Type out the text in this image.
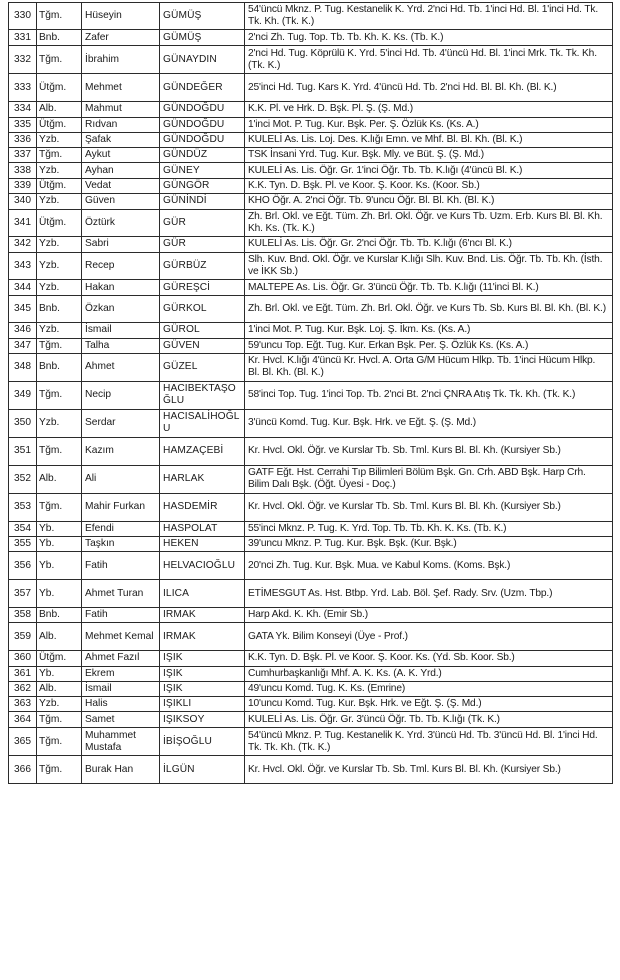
330	Tğm.	Hüseyin	GÜMÜŞ	54'üncü Mknz. P. Tug. Kestanelik K. Yrd. 2'nci Hd. Tb. 1'inci Hd. Bl. 1'inci Hd. Tk. Tk. Kh. (Tk. K.)
331	Bnb.	Zafer	GÜMÜŞ	2'nci Zh. Tug. Top. Tb. Tb. Kh. K. Ks. (Tb. K.)
332	Tğm.	İbrahim	GÜNAYDIN	2'nci Hd. Tug. Köprülü K. Yrd. 5'inci Hd. Tb. 4'üncü Hd. Bl. 1'inci Mrk. Tk. Tk. Kh. (Tk. K.)
333	Ütğm.	Mehmet	GÜNDEĞER	25'inci Hd. Tug. Kars K. Yrd. 4'üncü Hd. Tb. 2'nci Hd. Bl. Bl. Kh. (Bl. K.)
334	Alb.	Mahmut	GÜNDOĞDU	K.K. Pl. ve Hrk. D. Bşk. Pl. Ş. (Ş. Md.)
335	Ütğm.	Rıdvan	GÜNDOĞDU	1'inci Mot. P. Tug. Kur. Bşk. Per. Ş. Özlük Ks. (Ks. A.)
336	Yzb.	Şafak	GÜNDOĞDU	KULELİ As. Lis. Loj. Des. K.lığı Emn. ve Mhf. Bl. Bl. Kh. (Bl. K.)
337	Tğm.	Aykut	GÜNDÜZ	TSK İnsani Yrd. Tug. Kur. Bşk. Mly. ve Büt. Ş. (Ş. Md.)
338	Yzb.	Ayhan	GÜNEY	KULELİ As. Lis. Öğr. Gr. 1'inci Öğr. Tb. Tb. K.lığı (4'üncü Bl. K.)
339	Ütğm.	Vedat	GÜNGÖR	K.K. Tyn. D. Bşk. Pl. ve Koor. Ş. Koor. Ks. (Koor. Sb.)
340	Yzb.	Güven	GÜNİNDİ	KHO Öğr. A. 2'nci Öğr. Tb. 9'uncu Öğr. Bl. Bl. Kh. (Bl. K.)
341	Ütğm.	Öztürk	GÜR	Zh. Brl. Okl. ve Eğt. Tüm. Zh. Brl. Okl. Öğr. ve Kurs Tb. Uzm. Erb. Kurs Bl. Bl. Kh. Kh. Ks. (Tk. K.)
342	Yzb.	Sabri	GÜR	KULELİ As. Lis. Öğr. Gr. 2'nci Öğr. Tb. Tb. K.lığı (6'ncı Bl. K.)
343	Yzb.	Recep	GÜRBÜZ	Slh. Kuv. Bnd. Okl. Öğr. ve Kurslar K.lığı Slh. Kuv. Bnd. Lis. Öğr. Tb. Tb. Kh. (İsth. ve İKK Sb.)
344	Yzb.	Hakan	GÜREŞCİ	MALTEPE As. Lis. Öğr. Gr. 3'üncü Öğr. Tb. Tb. K.lığı (11'inci Bl. K.)
345	Bnb.	Özkan	GÜRKOL	Zh. Brl. Okl. ve Eğt. Tüm. Zh. Brl. Okl. Öğr. ve Kurs Tb. Sb. Kurs Bl. Bl. Kh. (Bl. K.)
346	Yzb.	İsmail	GÜROL	1'inci Mot. P. Tug. Kur. Bşk. Loj. Ş. İkm. Ks. (Ks. A.)
347	Tğm.	Talha	GÜVEN	59'uncu Top. Eğt. Tug. Kur. Erkan Bşk. Per. Ş. Özlük Ks. (Ks. A.)
348	Bnb.	Ahmet	GÜZEL	Kr. Hvcl. K.lığı 4'üncü Kr. Hvcl. A. Orta G/M Hücum Hlkp. Tb. 1'inci Hücum Hlkp. Bl. Bl. Kh. (Bl. K.)
349	Tğm.	Necip	HACIBEKTAŞO ĞLU	58'inci Top. Tug. 1'inci Top. Tb. 2'nci Bt. 2'nci ÇNRA Atış Tk. Tk. Kh. (Tk. K.)
350	Yzb.	Serdar	HACISALİHOĞL U	3'üncü Komd. Tug. Kur. Bşk. Hrk. ve Eğt. Ş. (Ş. Md.)
351	Tğm.	Kazım	HAMZAÇEBİ	Kr. Hvcl. Okl. Öğr. ve Kurslar Tb. Sb. Tml. Kurs Bl. Bl. Kh. (Kursiyer Sb.)
352	Alb.	Ali	HARLAK	GATF Eğt. Hst. Cerrahi Tıp Bilimleri Bölüm Bşk. Gn. Crh. ABD Bşk. Harp Crh. Bilim Dalı Bşk. (Öğt. Üyesi - Doç.)
353	Tğm.	Mahir Furkan	HASDEMİR	Kr. Hvcl. Okl. Öğr. ve Kurslar Tb. Sb. Tml. Kurs Bl. Bl. Kh. (Kursiyer Sb.)
354	Yb.	Efendi	HASPOLAT	55'inci Mknz. P. Tug. K. Yrd. Top. Tb. Tb. Kh. K. Ks. (Tb. K.)
355	Yb.	Taşkın	HEKEN	39'uncu Mknz. P. Tug. Kur. Bşk. Bşk. (Kur. Bşk.)
356	Yb.	Fatih	HELVACIOĞLU	20'nci Zh. Tug. Kur. Bşk. Mua. ve Kabul Koms. (Koms. Bşk.)
357	Yb.	Ahmet Turan	ILICA	ETİMESGUT As. Hst. Btbp. Yrd. Lab. Böl. Şef. Rady. Srv. (Uzm. Tbp.)
358	Bnb.	Fatih	IRMAK	Harp Akd. K. Kh. (Emir Sb.)
359	Alb.	Mehmet Kemal	IRMAK	GATA Yk. Bilim Konseyi (Üye - Prof.)
360	Ütğm.	Ahmet Fazıl	IŞIK	K.K. Tyn. D. Bşk. Pl. ve Koor. Ş. Koor. Ks. (Yd. Sb. Koor. Sb.)
361	Yb.	Ekrem	IŞIK	Cumhurbaşkanlığı Mhf. A. K. Ks. (A. K. Yrd.)
362	Alb.	İsmail	IŞIK	49'uncu Komd. Tug. K. Ks. (Emrine)
363	Yzb.	Halis	IŞIKLI	10'uncu Komd. Tug. Kur. Bşk. Hrk. ve Eğt. Ş. (Ş. Md.)
364	Tğm.	Samet	IŞIKSOY	KULELİ As. Lis. Öğr. Gr. 3'üncü Öğr. Tb. Tb. K.lığı (Tk. K.)
365	Tğm.	Muhammet Mustafa	İBİŞOĞLU	54'üncü Mknz. P. Tug. Kestanelik K. Yrd. 3'üncü Hd. Tb. 3'üncü Hd. Bl. 1'inci Hd. Tk. Tk. Kh. (Tk. K.)
366	Tğm.	Burak Han	İLGÜN	Kr. Hvcl. Okl. Öğr. ve Kurslar Tb. Sb. Tml. Kurs Bl. Bl. Kh. (Kursiyer Sb.)
